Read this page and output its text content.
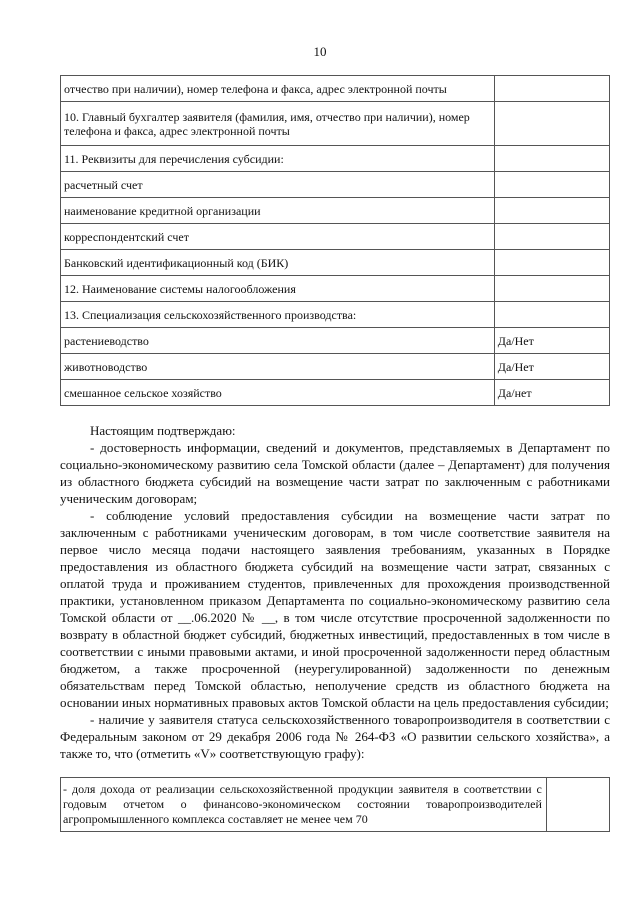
10
отчество при наличии), номер телефона и факса, адрес электронной почты	
10. Главный бухгалтер заявителя (фамилия, имя, отчество при наличии), номер телефона и факса, адрес электронной почты	
11. Реквизиты для перечисления субсидии:	
расчетный счет	
наименование кредитной организации	
корреспондентский счет	
Банковский идентификационный код (БИК)	
12. Наименование системы налогообложения	
13. Специализация сельскохозяйственного производства:	
растениеводство	Да/Нет
животноводство	Да/Нет
смешанное сельское хозяйство	Да/нет

Настоящим подтверждаю:

- достоверность информации, сведений и документов, представляемых в Департамент по социально-экономическому развитию села Томской области (далее – Департамент) для получения из областного бюджета субсидий на возмещение части затрат по заключенным с работниками ученическим договорам;

- соблюдение условий предоставления субсидии на возмещение части затрат по заключенным с работниками ученическим договорам, в том числе соответствие заявителя на первое число месяца подачи настоящего заявления требованиям, указанных в Порядке предоставления из областного бюджета субсидий на возмещение части затрат, связанных с оплатой труда и проживанием студентов, привлеченных для прохождения производственной практики, установленном приказом Департамента по социально-экономическому развитию села Томской области от __.06.2020 № __, в том числе отсутствие просроченной задолженности по возврату в областной бюджет субсидий, бюджетных инвестиций, предоставленных в том числе в соответствии с иными правовыми актами, и иной просроченной задолженности перед областным бюджетом, а также просроченной (неурегулированной) задолженности по денежным обязательствам перед Томской областью, неполучение средств из областного бюджета на основании иных нормативных правовых актов Томской области на цель предоставления субсидии;

- наличие у заявителя статуса сельскохозяйственного товаропроизводителя в соответствии с Федеральным законом от 29 декабря 2006 года № 264-ФЗ «О развитии сельского хозяйства», а также то, что (отметить «V» соответствующую графу):

- доля дохода от реализации сельскохозяйственной продукции заявителя в соответствии с годовым отчетом о финансово-экономическом состоянии товаропроизводителей агропромышленного комплекса составляет не менее чем 70	
